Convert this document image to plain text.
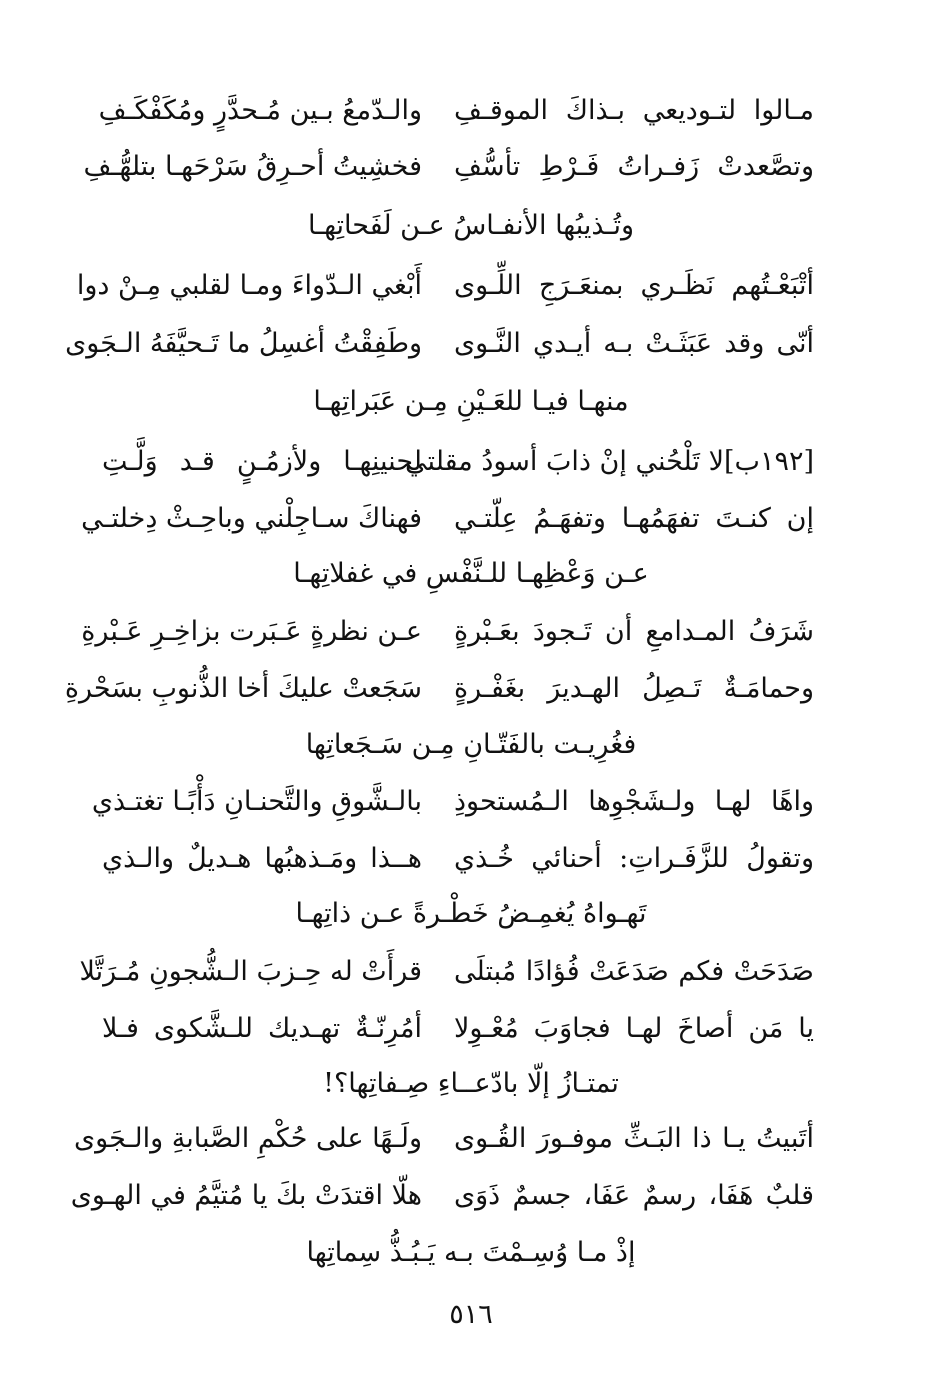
مـالوا لتـوديعي بـذاكَ الموقـفِ
والـدّمعُ بـين مُـحدَّرٍ ومُكَفْكَـفِ
وتصَّعدتْ زَفـراتُ فَـرْطِ تأسُّفِ
فخشِيتُ أحـرِقُ سَرْحَهـا بتلهُّـفِ
وتُـذيبُها الأنفـاسُ عـن لَفَحاتِهـا
أتْبَعْـتُهم نَظَـري بمنعَـرَجِ اللِّـوى
أَبْغي الـدّواءَ ومـا لقلبي مِـنْ دوا
أنّى وقد عَبَثَـتْ بـه أيـدي النَّـوى
وطَفِقْتُ أغسِلُ ما تَـحيَّفَهُ الـجَوى
منهـا فيـا للعَـيْنِ مِـن عَبَراتِهـا
[١٩٢ب]لا تَلْحُني إنْ ذابَ أسودُ مقلتي
لحنينِهـا ولأزمُـنٍ قـد وَلَّـتِ
إن كنـتَ تفهَمُهـا وتفهَـمُ عِلّتـي
فهناكَ سـاجِلْني وباحِـثْ دِخلتـي
عـن وَعْظِهـا للـنَّفْسِ في غفلاتِهـا
شَرَفُ المـدامعِ أن تَـجودَ بعَـبْرةٍ
عـن نظرةٍ عَـبَرت بزاخِـرِ عَـبْرةِ
وحمامَـةٌ تَـصِلُ الهـديرَ بغَفْـرةٍ
سَجَعتْ عليكَ أخا الذُّنوبِ بسَحْرةِ
فغُرِيـت بالفَتّـانِ مِـن سَـجَعاتِها
واهًا لهـا ولـشَجْوِها الـمُستحوذِ
بالـشَّوقِ والتَّحنـانِ دَأْبًـا تغتـذي
وتقولُ للزَّفَـراتِ: أحنائي خُـذي
هــذا ومَـذهبُها هـديلٌ والـذي
تَهـواهُ يُغمِـضُ خَطْـرةً عـن ذاتِهـا
صَدَحَتْ فكم صَدَعَتْ فُؤادًا مُبتلَى
قرأَتْ له حِـزبَ الـشُّجونِ مُـرَتَّلا
يا مَن أصاخَ لهـا فجاوَبَ مُعْـوِلا
أمُرِنّـةٌ تهـديك للـشَّكوى فـلا
تمتـازُ إلّا بادّعــاءِ صِـفاتِها؟!
أتَبيتُ يـا ذا البَـثِّ موفـورَ القُـوى
ولَـهًا على حُكْمِ الصَّبابةِ والـجَوى
قلبٌ هَفَا، رسمٌ عَفَا، جسمٌ ذَوَى
هلّا اقتدَتْ بكَ يا مُتيَّمُ في الهـوى
إذْ مـا وُسِـمْتَ بـه يَـبُـذُّ سِماتِها
٥١٦
